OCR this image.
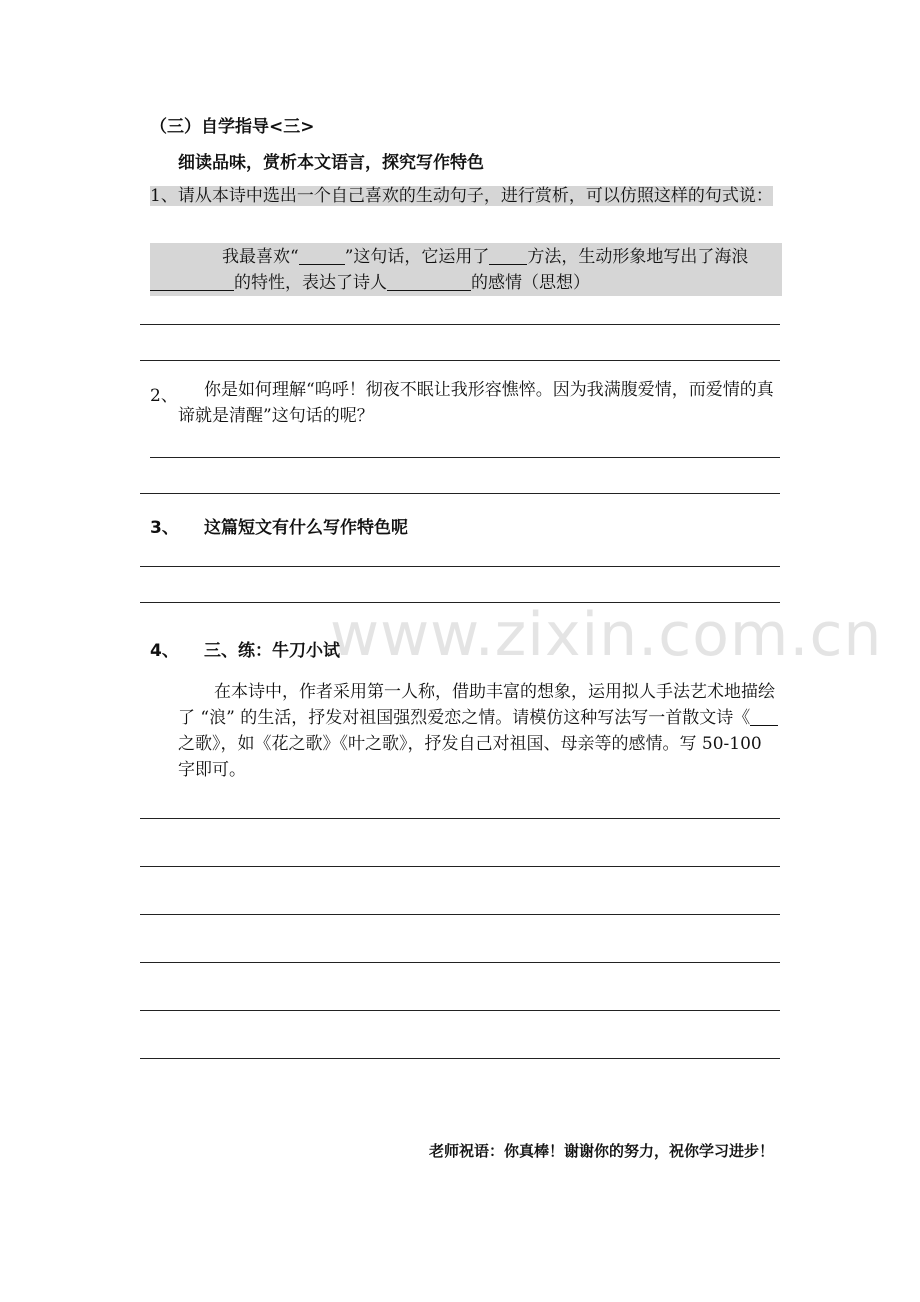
www.zixin.com.cn
（三）自学指导<三>
细读品味，赏析本文语言，探究写作特色
1、请从本诗中选出一个自己喜欢的生动句子，进行赏析，可以仿照这样的句式说：
我最喜欢“	”这句话，它运用了 方法，生动形象地写出了海浪的特性，表达了诗人	的感情（思想）
2、	你是如何理解“呜呼！彻夜不眠让我形容憔悴。因为我满腹爱情，而爱情的真谛就是清醒”这句话的呢？
3、 这篇短文有什么写作特色呢
4、 三、练：牛刀小试
在本诗中，作者采用第一人称，借助丰富的想象，运用拟人手法艺术地描绘了 “浪” 的生活，抒发对祖国强烈爱恋之情。请模仿这种写法写一首散文诗《之歌》，如《花之歌》《叶之歌》，抒发自己对祖国、母亲等的感情。写 50-100 字即可。
老师祝语：你真棒！谢谢你的努力，祝你学习进步！
